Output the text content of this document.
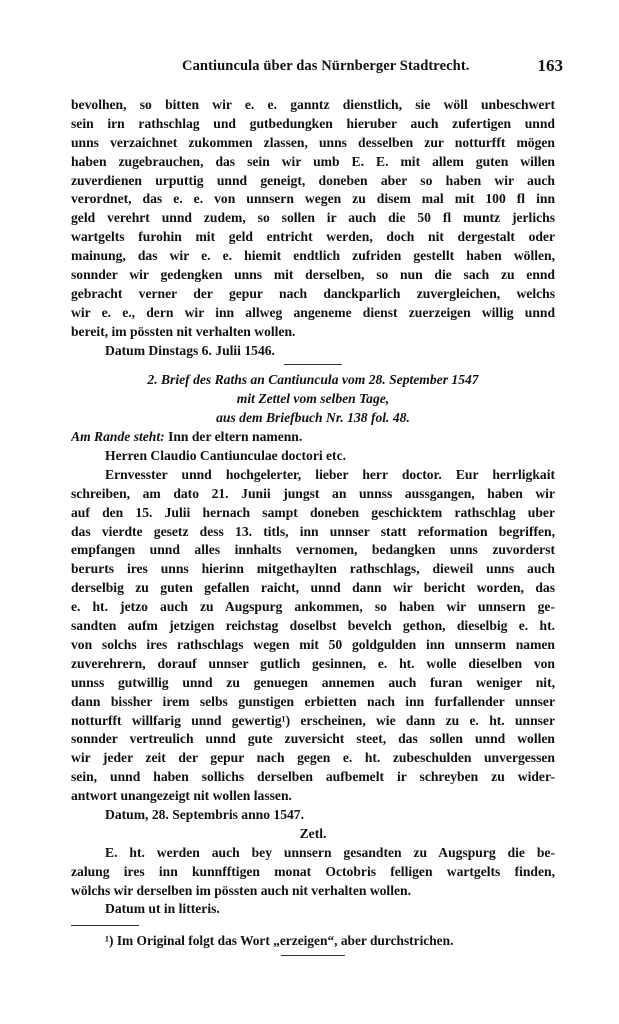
Cantiuncula über das Nürnberger Stadtrecht.	163
bevolhen, so bitten wir e. e. ganntz dienstlich, sie wöll unbeschwert
sein irn rathschlag und gutbedungken hieruber auch zufertigen unnd
unns verzaichnet zukommen zlassen, unns desselben zur notturfft mögen
haben zugebrauchen, das sein wir umb E. E. mit allem guten willen
zuverdienen urputtig unnd geneigt, doneben aber so haben wir auch
verordnet, das e. e. von unnsern wegen zu disem mal mit 100 fl inn
geld verehrt unnd zudem, so sollen ir auch die 50 fl muntz jerlichs
wartgelts furohin mit geld entricht werden, doch nit dergestalt oder
mainung, das wir e. e. hiemit endtlich zufriden gestellt haben wöllen,
sonnder wir gedengken unns mit derselben, so nun die sach zu ennd
gebracht verner der gepur nach danckparlich zuvergleichen, welchs
wir e. e., dern wir inn allweg angeneme dienst zuerzeigen willig unnd
bereit, im pössten nit verhalten wollen.
Datum Dinstags 6. Julii 1546.
2. Brief des Raths an Cantiuncula vom 28. September 1547
mit Zettel vom selben Tage,
aus dem Briefbuch Nr. 138 fol. 48.
Am Rande steht: Inn der eltern namenn.
Herren Claudio Cantiunculae doctori etc.
Ernvesster unnd hochgelerter, lieber herr doctor. Eur herrligkait
schreiben, am dato 21. Junii jungst an unnss aussgangen, haben wir
auf den 15. Julii hernach sampt doneben geschicktem rathschlag uber
das vierdte gesetz dess 13. titls, inn unnser statt reformation begriffen,
empfangen unnd alles innhalts vernomen, bedangken unns zuvorderst
berurts ires unns hierinn mitgethaylten rathschlags, dieweil unns auch
derselbig zu guten gefallen raicht, unnd dann wir bericht worden, das
e. ht. jetzo auch zu Augspurg ankommen, so haben wir unnsern ge-
sandten aufm jetzigen reichstag doselbst bevelch gethon, dieselbig e. ht.
von solchs ires rathschlags wegen mit 50 goldgulden inn unnserm namen
zuverehrern, dorauf unnser gutlich gesinnen, e. ht. wolle dieselben von
unnss gutwillig unnd zu genuegen annemen auch furan weniger nit,
dann bissher irem selbs gunstigen erbietten nach inn furfallender unnser
notturfft willfarig unnd gewertig¹) erscheinen, wie dann zu e. ht. unnser
sonnder vertreulich unnd gute zuversicht steet, das sollen unnd wollen
wir jeder zeit der gepur nach gegen e. ht. zubeschulden unvergessen
sein, unnd haben sollichs derselben aufbemelt ir schreyben zu wider-
antwort unangezeigt nit wollen lassen.
Datum, 28. Septembris anno 1547.
Zetl.
E. ht. werden auch bey unnsern gesandten zu Augspurg die be-
zalung ires inn kunnfftigen monat Octobris felligen wartgelts finden,
wölchs wir derselben im pössten auch nit verhalten wollen.
Datum ut in litteris.
¹) Im Original folgt das Wort „erzeigen“, aber durchstrichen.
